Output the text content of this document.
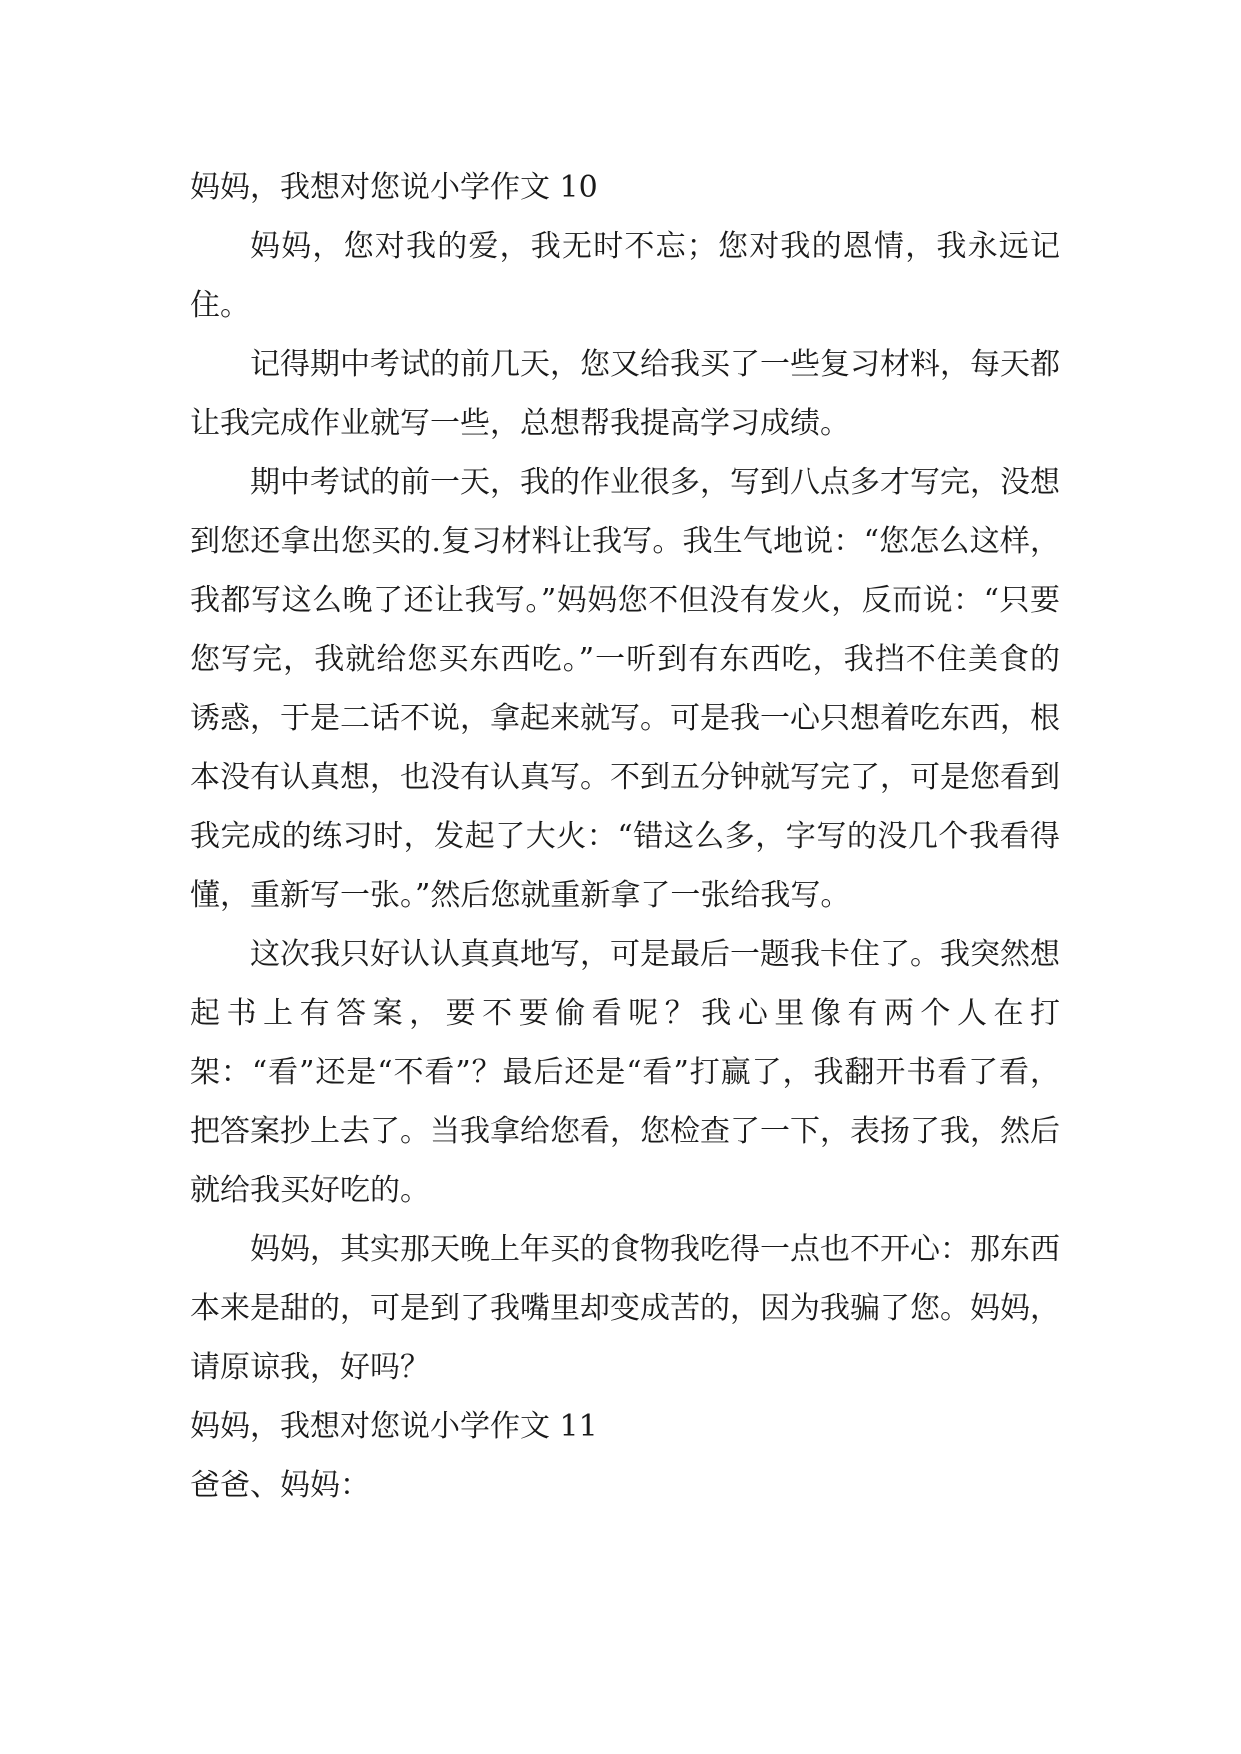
妈妈，我想对您说小学作文 10

妈妈，您对我的爱，我无时不忘；您对我的恩情，我永远记住。

记得期中考试的前几天，您又给我买了一些复习材料，每天都让我完成作业就写一些，总想帮我提高学习成绩。

期中考试的前一天，我的作业很多，写到八点多才写完，没想到您还拿出您买的.复习材料让我写。我生气地说：“您怎么这样，我都写这么晚了还让我写。”妈妈您不但没有发火，反而说：“只要您写完，我就给您买东西吃。”一听到有东西吃，我挡不住美食的诱惑，于是二话不说，拿起来就写。可是我一心只想着吃东西，根本没有认真想，也没有认真写。不到五分钟就写完了，可是您看到我完成的练习时，发起了大火：“错这么多，字写的没几个我看得懂，重新写一张。”然后您就重新拿了一张给我写。

这次我只好认认真真地写，可是最后一题我卡住了。我突然想起书上有答案，要不要偷看呢？我心里像有两个人在打架：“看”还是“不看”？最后还是“看”打赢了，我翻开书看了看，把答案抄上去了。当我拿给您看，您检查了一下，表扬了我，然后就给我买好吃的。

妈妈，其实那天晚上年买的食物我吃得一点也不开心：那东西本来是甜的，可是到了我嘴里却变成苦的，因为我骗了您。妈妈，请原谅我，好吗？

妈妈，我想对您说小学作文 11

爸爸、妈妈：
